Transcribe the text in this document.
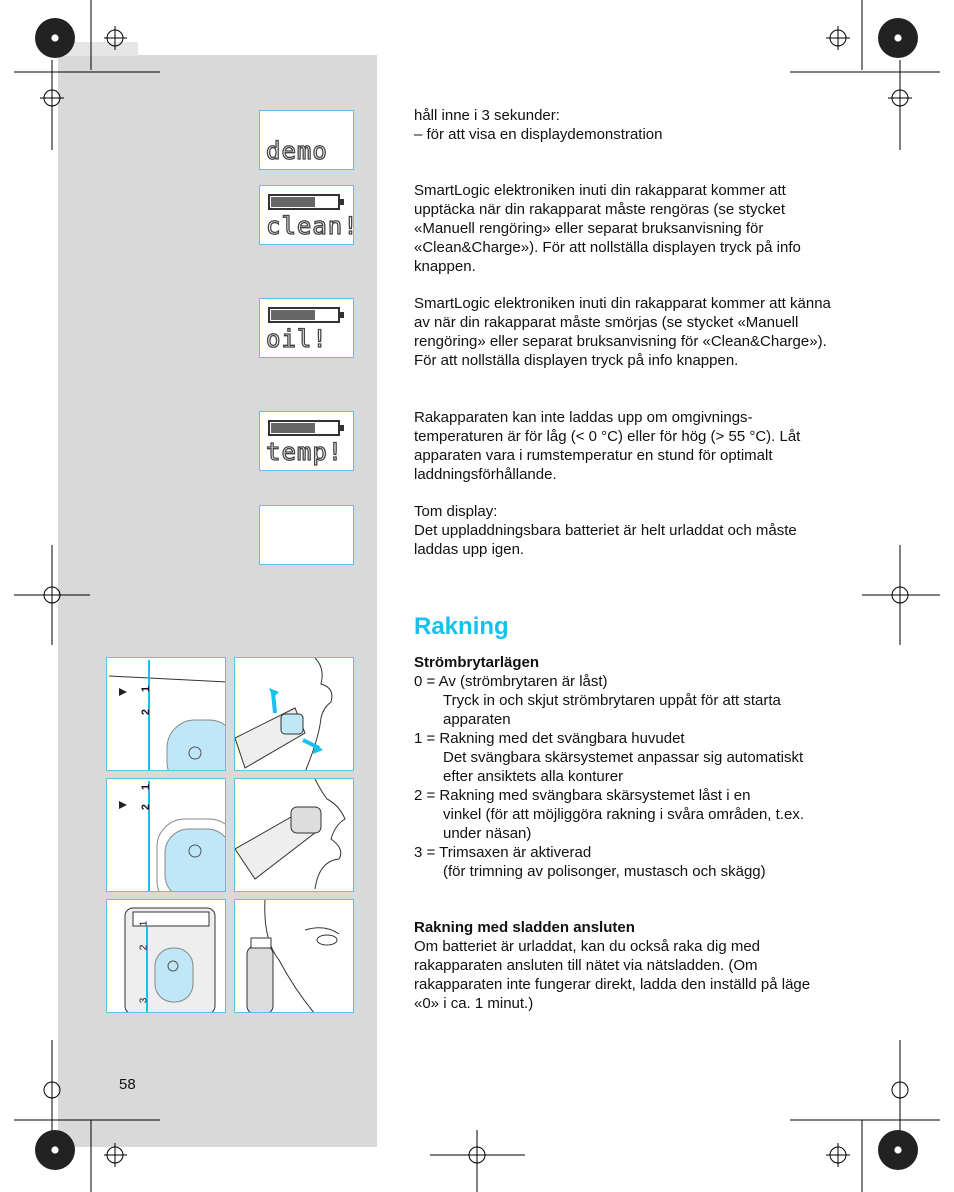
demo
clean!
oil!
temp!

håll inne i 3 sekunder:

– för att visa en displaydemonstration

SmartLogic elektroniken inuti din rakapparat kommer att upptäcka när din rakapparat måste rengöras (se stycket «Manuell rengöring» eller separat bruksanvisning för «Clean&Charge»). För att nollställa displayen tryck på info knappen.

SmartLogic elektroniken inuti din rakapparat kommer att känna av när din rakapparat måste smörjas (se stycket «Manuell rengöring» eller separat bruksanvisning för «Clean&Charge»). För att nollställa displayen tryck på info knappen.

Rakapparaten kan inte laddas upp om omgivnings-temperaturen är för låg (< 0 °C) eller för hög (> 55 °C). Låt apparaten vara i rumstemperatur en stund för optimalt laddningsförhållande.

Tom display:

Det uppladdningsbara batteriet är helt urladdat och måste laddas upp igen.

Rakning

Strömbrytarlägen

0 = Av (strömbrytaren är låst)

Tryck in och skjut strömbrytaren uppåt för att starta apparaten

1 = Rakning med det svängbara huvudet

Det svängbara skärsystemet anpassar sig automatiskt efter ansiktets alla konturer

2 = Rakning med svängbara skärsystemet låst i en

vinkel (för att möjliggöra rakning i svåra områden, t.ex. under näsan)

3 = Trimsaxen är aktiverad

(för trimning av polisonger, mustasch och skägg)

Rakning med sladden ansluten

Om batteriet är urladdat, kan du också raka dig med rakapparaten ansluten till nätet via nätsladden. (Om rakapparaten inte fungerar direkt, ladda den inställd på läge «0» i ca. 1 minut.)

1
2
1
2
1
2
3
58
